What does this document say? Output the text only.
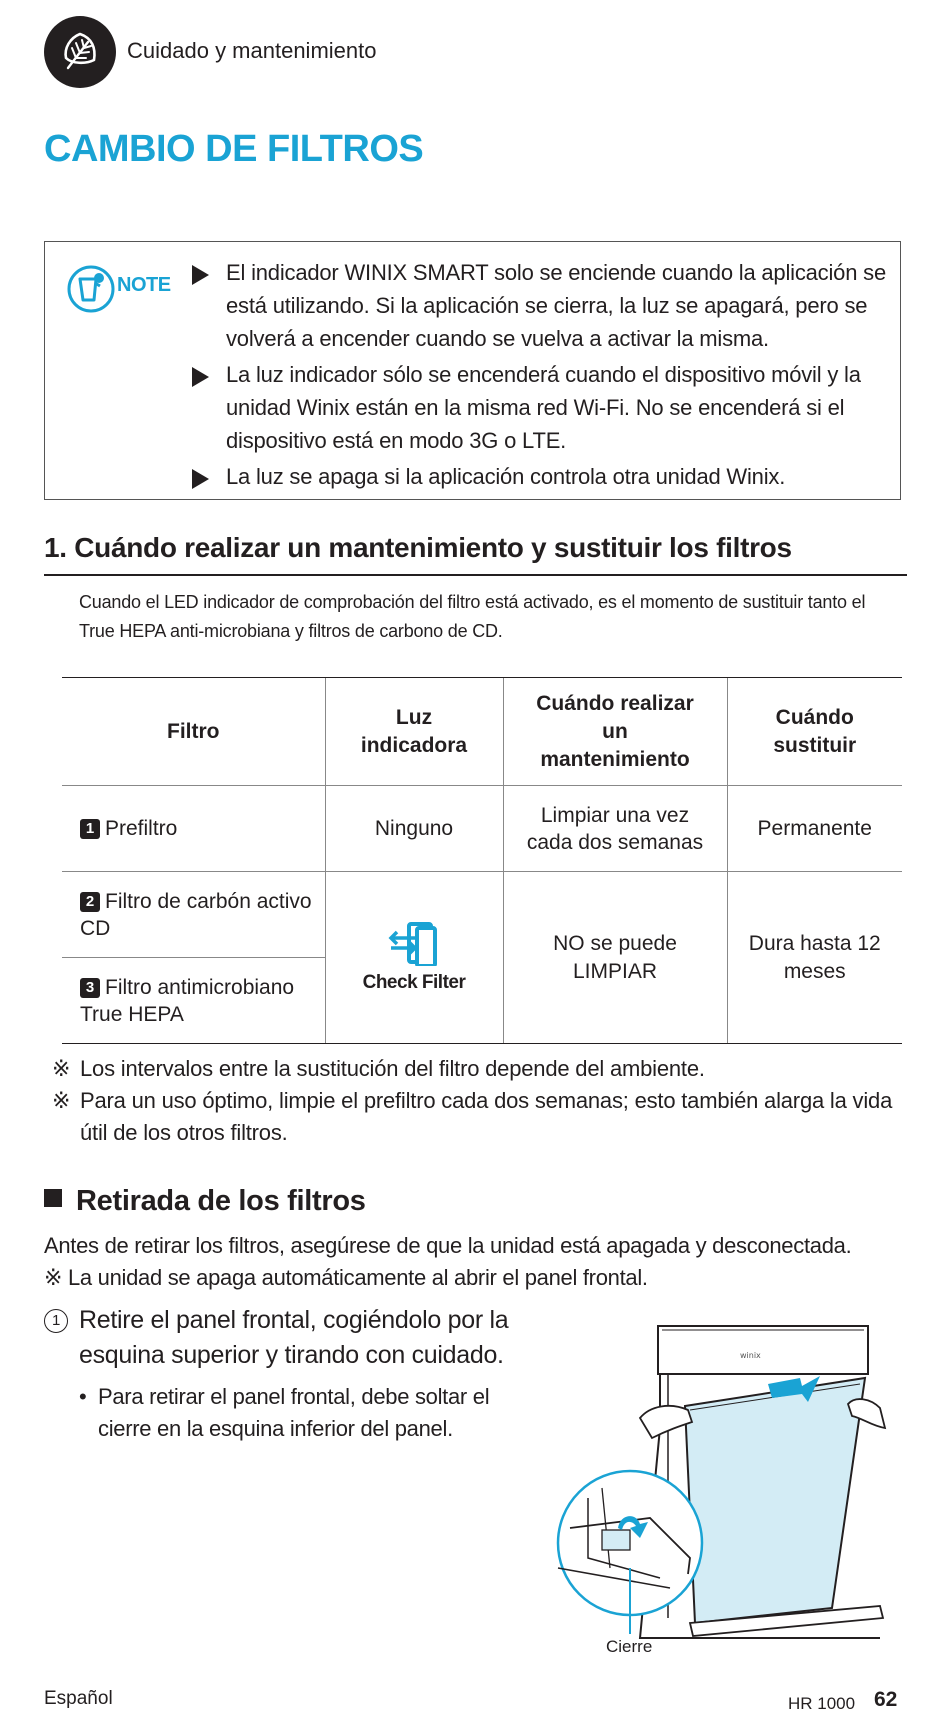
Cuidado y mantenimiento
CAMBIO DE FILTROS
NOTE	El indicador WINIX SMART solo se enciende cuando la aplicación se está utilizando. Si la aplicación se cierra, la luz se apagará, pero se volverá a encender cuando se vuelva a activar la misma.
La luz indicador sólo se encenderá cuando el dispositivo móvil y la unidad Winix están en la misma red Wi-Fi. No se encenderá si el dispositivo está en modo 3G o LTE.
La luz se apaga si la aplicación controla otra unidad Winix.
1. Cuándo realizar un mantenimiento y sustituir los filtros
Cuando el LED indicador de comprobación del filtro está activado, es el momento de sustituir tanto el True HEPA anti-microbiana y filtros de carbono de CD.
Filtro	Luz indicadora	Cuándo realizar un mantenimiento	Cuándo sustituir

1 Prefiltro	Ninguno	Limpiar una vez cada dos semanas	Permanente
2 Filtro de carbón activo CD	Check Filter	NO se puede LIMPIAR	Dura hasta 12 meses

3 Filtro antimicrobiano True HEPA			
※ Los intervalos entre la sustitución del filtro depende del ambiente.
※ Para un uso óptimo, limpie el prefiltro cada dos semanas; esto también alarga la vida útil de los otros filtros.
Retirada de los filtros
Antes de retirar los filtros, asegúrese de que la unidad está apagada y desconectada.
※ La unidad se apaga automáticamente al abrir el panel frontal.
1 Retire el panel frontal, cogiéndolo por la esquina superior y tirando con cuidado.
• Para retirar el panel frontal, debe soltar el cierre en la esquina inferior del panel.
winix
Cierre
Español	HR 1000 62
